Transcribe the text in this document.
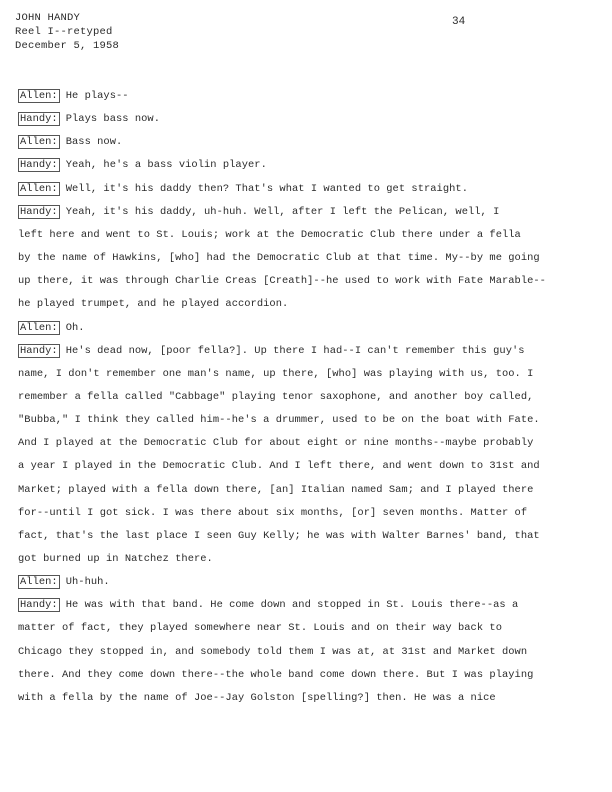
JOHN HANDY
Reel I--retyped
December 5, 1958
34
Allen: He plays--
Handy: Plays bass now.
Allen: Bass now.
Handy: Yeah, he's a bass violin player.
Allen: Well, it's his daddy then? That's what I wanted to get straight.
Handy: Yeah, it's his daddy, uh-huh. Well, after I left the Pelican, well, I
left here and went to St. Louis; work at the Democratic Club there under a fella
by the name of Hawkins, [who] had the Democratic Club at that time. My--by me going
up there, it was through Charlie Creas [Creath]--he used to work with Fate Marable--
he played trumpet, and he played accordion.
Allen: Oh.
Handy: He's dead now, [poor fella?]. Up there I had--I can't remember this guy's
name, I don't remember one man's name, up there, [who] was playing with us, too. I
remember a fella called "Cabbage" playing tenor saxophone, and another boy called,
"Bubba," I think they called him--he's a drummer, used to be on the boat with Fate.
And I played at the Democratic Club for about eight or nine months--maybe probably
a year I played in the Democratic Club. And I left there, and went down to 31st and
Market; played with a fella down there, [an] Italian named Sam; and I played there
for--until I got sick. I was there about six months, [or] seven months. Matter of
fact, that's the last place I seen Guy Kelly; he was with Walter Barnes' band, that
got burned up in Natchez there.
Allen: Uh-huh.
Handy: He was with that band. He come down and stopped in St. Louis there--as a
matter of fact, they played somewhere near St. Louis and on their way back to
Chicago they stopped in, and somebody told them I was at, at 31st and Market down
there. And they come down there--the whole band come down there. But I was playing
with a fella by the name of Joe--Jay Golston [spelling?] then. He was a nice
